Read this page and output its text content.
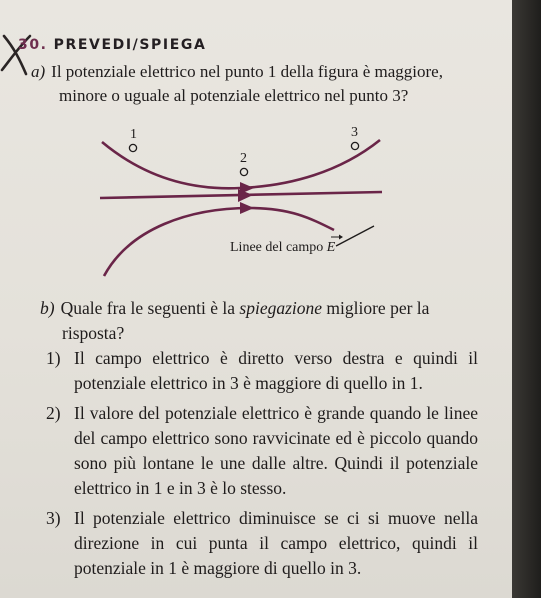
30. PREVEDI/SPIEGA
a) Il potenziale elettrico nel punto 1 della figura è maggiore,
minore o uguale al potenziale elettrico nel punto 3?
1
2
3
Linee del campo E
b) Quale fra le seguenti è la spiegazione migliore per la
risposta?
1) Il campo elettrico è diretto verso destra e quindi il potenziale elettrico in 3 è maggiore di quello in 1.
2) Il valore del potenziale elettrico è grande quando le linee del campo elettrico sono ravvicinate ed è piccolo quando sono più lontane le une dalle altre. Quindi il potenziale elettrico in 1 e in 3 è lo stesso.
3) Il potenziale elettrico diminuisce se ci si muove nella direzione in cui punta il campo elettrico, quindi il potenziale in 1 è maggiore di quello in 3.
